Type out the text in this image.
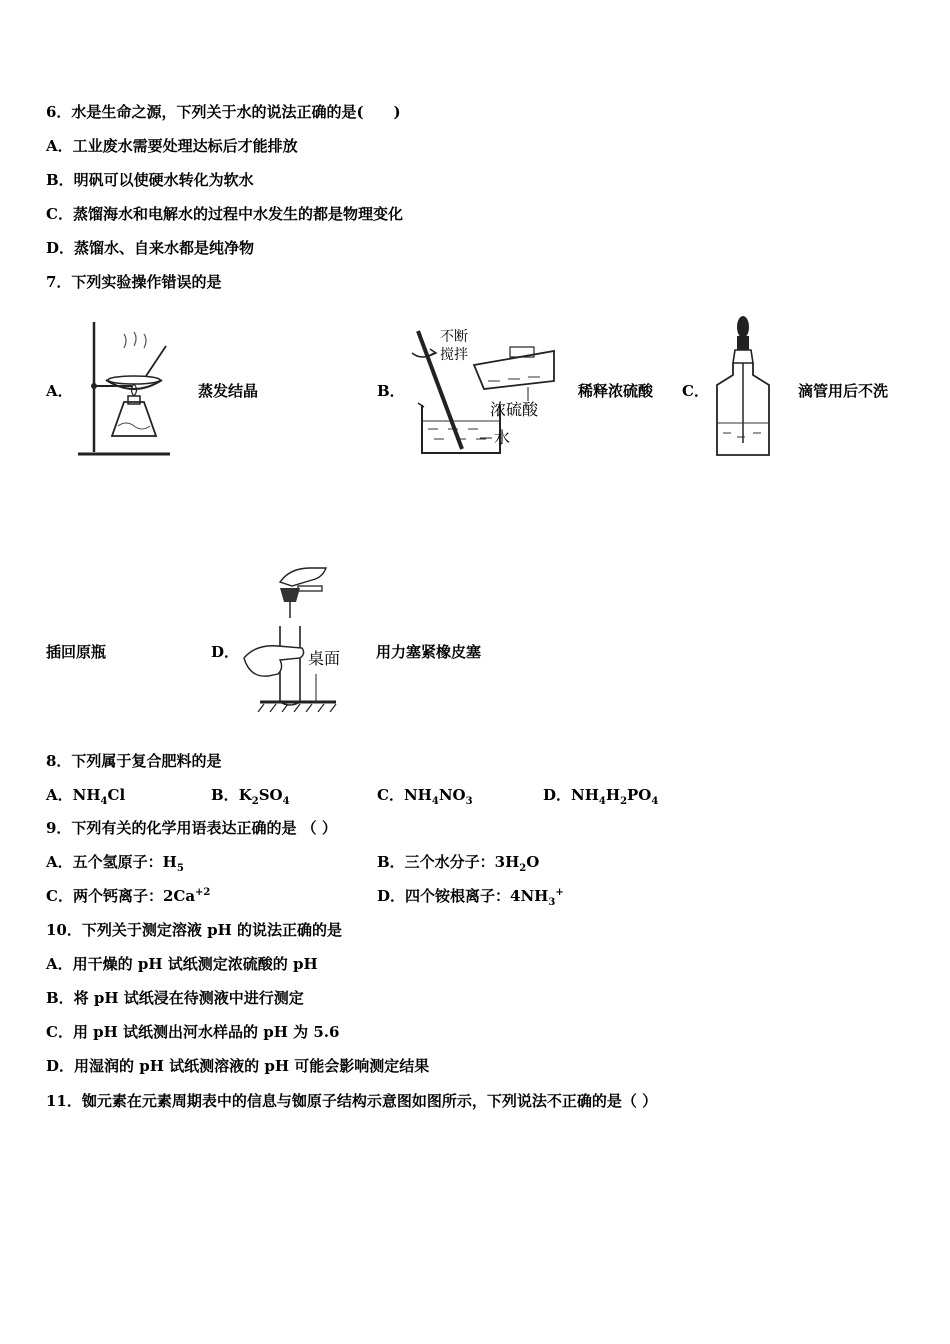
6．水是生命之源，下列关于水的说法正确的是(　　)
A．工业废水需要处理达标后才能排放
B．明矾可以使硬水转化为软水
C．蒸馏海水和电解水的过程中水发生的都是物理变化
D．蒸馏水、自来水都是纯净物
7．下列实验操作错误的是
A．	蒸发结晶	B．
不断
搅拌
浓硫酸
水
稀释浓硫酸 C．	滴管用后不洗
插回原瓶	D．	桌面 用力塞紧橡皮塞
8．下列属于复合肥料的是
A．$NH_4Cl$	B．$K_2SO_4$	C．$NH_4NO_3$	D．$NH_4H_2PO_4$
9．下列有关的化学用语表达正确的是 （ ）
A．五个氢原子：$H_5$	B．三个水分子：$3H_2O$
C．两个钙离子：$2Ca^{+2}$	D．四个铵根离子：$4NH_3^+$
10．下列关于测定溶液 pH 的说法正确的是
A．用干燥的 pH 试纸测定浓硫酸的 pH
B．将 pH 试纸浸在待测液中进行测定
C．用 pH 试纸测出河水样品的 pH 为 5.6
D．用湿润的 pH 试纸测溶液的 pH 可能会影响测定结果
11．铷元素在元素周期表中的信息与铷原子结构示意图如图所示，下列说法不正确的是（ ）
